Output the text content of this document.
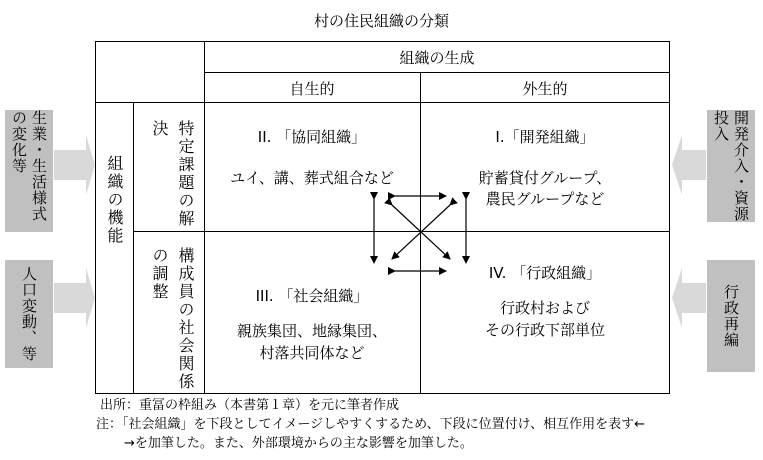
村の住民組織の分類
組織の生成
自生的	外生的
組織の機能	特定課題の解決
構成員の社会関係の調整
II. 「協同組織」
ユイ、講、葬式組合など
I.「開発組織」
貯蓄貸付グループ、
農民グループなど
III. 「社会組織」
親族集団、地縁集団、
村落共同体など
IV. 「行政組織」
行政村および
その行政下部単位
生業・生活様式の変化等
人口変動、等
開発介入・資源投入
行政再編
出所：重冨の枠組み（本書第１章）を元に筆者作成
注：「社会組織」を下段としてイメージしやすくするため、下段に位置付け、相互作用を表す←
→を加筆した。また、外部環境からの主な影響を加筆した。
